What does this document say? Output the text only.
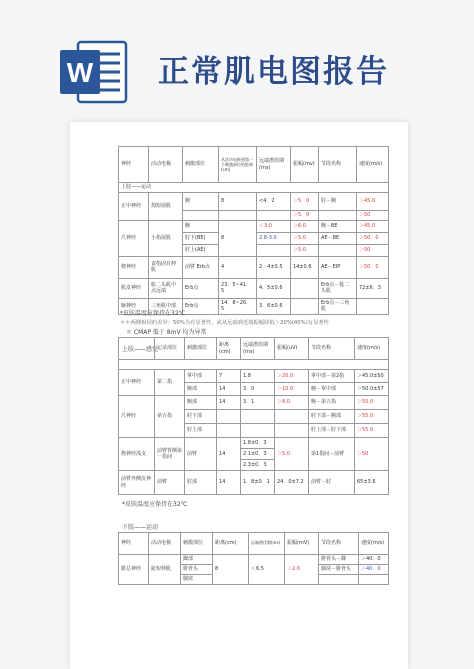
W 正常肌电图报告
神经	活动电极	刺激部位	从活动电极到第一个刺激部位的距离(cm)	远端潜伏期(ms)	振幅(mv)	节段名称	速度(m/s)
上肢——运动							
正中神经	拇短展肌	腕	8	<4．2	＞5．0	肘－腕	＞45.0
					＞5．0		＞50
尺神经	小指展肌	腕	8	＜3.0	＞6.0	腕－BE	＞45.0
		肘下(BE)		2.8-3.0	＞5.0	AE－BE	＞50．0
		肘上(AE)			＞5.0		＞50
桡神经	食指固有伸肌	前臂 Erb点	4	2．4±0.5	14±0.6	AE－EIP	＞50．0
肌皮神经	肱二头肌中点远端	Erb点	23．5~41．5	4．5±0.6		Erb点－肱二头肌	72±6．3
腋神经	三角肌中部	Erb点	14．8~26．5	3．6±0.6		Erb点－三角肌	
*皮肤温度应保持在32℃
＊＊两侧相同的差异：50%为有显著性，或从远端到近端振幅降低＞20%(40%)有显著性
＊ CMAP 低于 8mV 均为异常
上肢——感觉
	记录部位	刺激部位	距离(cm)	远端潜伏期(ms)	振幅(uV)	节段名称	速度(m/s)

正中神经	第二指	掌中部	7	1.8	＞20.0	掌中部－第2指	＞45.0±50
		腕部	14	3．0	＞10.0	腕－掌中部	＞50.0±57
尺神经	第五指	腕部	14	3．1	＞8.0	腕－第五指	＞55.0
		肘下部				肘下部－腕部	＞55.0
		肘上部				肘上部－肘下部	＞55.0
桡神经浅支	前臂背侧第一指间	前臂	14	1.8±0．3	＞5.0	第1指间－前臂	＞50
				2.1±0．3			
				2.3±0．3			
前臂外侧皮神经	前臂	肘部	14	1．8±0．1	24．0±7.2	前臂－肘	65±3.6
*皮肤温度应保持在32℃
下肢——运动
神经	活动电极	刺激部位	距离(cm)	远端潜伏期(ms)	振幅(mV)	节段名称	速度(m/s)
腓总神经	趾短伸肌	踝部	8	＜6.5	＞2.0	腓骨头－踝	＞40．0
		腓骨头				腘窝－腓骨头	＞40．0
		腘窝					
